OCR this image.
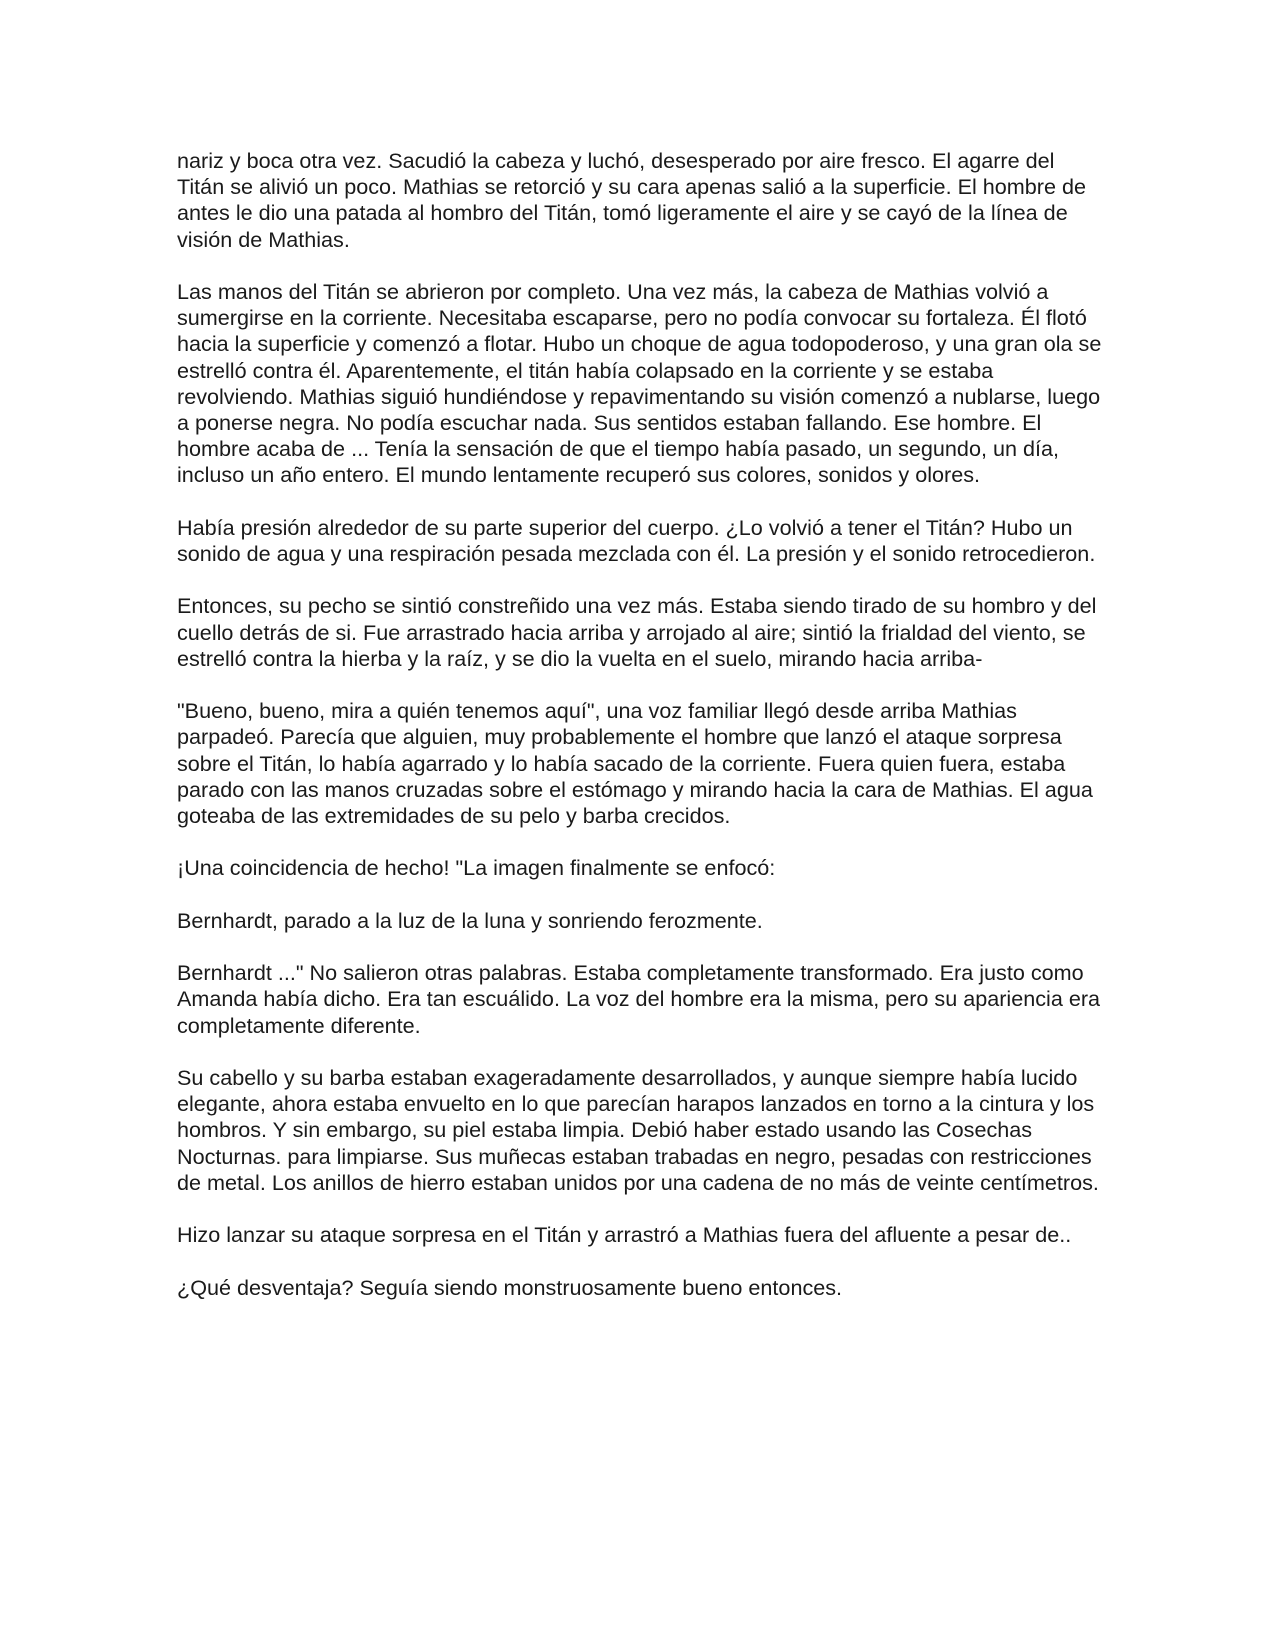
nariz y boca otra vez. Sacudió la cabeza y luchó, desesperado por aire fresco. El agarre del Titán se alivió un poco. Mathias se retorció y su cara apenas salió a la superficie. El hombre de antes le dio una patada al hombro del Titán, tomó ligeramente el aire y se cayó de la línea de visión de Mathias.

Las manos del Titán se abrieron por completo. Una vez más, la cabeza de Mathias volvió a sumergirse en la corriente. Necesitaba escaparse, pero no podía convocar su fortaleza. Él flotó hacia la superficie y comenzó a flotar. Hubo un choque de agua todopoderoso, y una gran ola se estrelló contra él. Aparentemente, el titán había colapsado en la corriente y se estaba revolviendo. Mathias siguió hundiéndose y repavimentando su visión comenzó a nublarse, luego a ponerse negra. No podía escuchar nada. Sus sentidos estaban fallando. Ese hombre. El hombre acaba de ... Tenía la sensación de que el tiempo había pasado, un segundo, un día, incluso un año entero. El mundo lentamente recuperó sus colores, sonidos y olores.

Había presión alrededor de su parte superior del cuerpo. ¿Lo volvió a tener el Titán? Hubo un sonido de agua y una respiración pesada mezclada con él. La presión y el sonido retrocedieron.

Entonces, su pecho se sintió constreñido una vez más. Estaba siendo tirado de su hombro y del cuello detrás de si. Fue arrastrado hacia arriba y arrojado al aire; sintió la frialdad del viento, se estrelló contra la hierba y la raíz, y se dio la vuelta en el suelo, mirando hacia arriba-

"Bueno, bueno, mira a quién tenemos aquí", una voz familiar llegó desde arriba Mathias parpadeó. Parecía que alguien, muy probablemente el hombre que lanzó el ataque sorpresa sobre el Titán, lo había agarrado y lo había sacado de la corriente. Fuera quien fuera, estaba parado con las manos cruzadas sobre el estómago y mirando hacia la cara de Mathias. El agua goteaba de las extremidades de su pelo y barba crecidos.

¡Una coincidencia de hecho! "La imagen finalmente se enfocó:

Bernhardt, parado a la luz de la luna y sonriendo ferozmente.

Bernhardt ..." No salieron otras palabras. Estaba completamente transformado. Era justo como Amanda había dicho. Era tan escuálido. La voz del hombre era la misma, pero su apariencia era completamente diferente.

Su cabello y su barba estaban exageradamente desarrollados, y aunque siempre había lucido elegante, ahora estaba envuelto en lo que parecían harapos lanzados en torno a la cintura y los hombros. Y sin embargo, su piel estaba limpia. Debió haber estado usando las Cosechas Nocturnas. para limpiarse. Sus muñecas estaban trabadas en negro, pesadas con restricciones de metal. Los anillos de hierro estaban unidos por una cadena de no más de veinte centímetros.

Hizo lanzar su ataque sorpresa en el Titán y arrastró a Mathias fuera del afluente a pesar de..

¿Qué desventaja? Seguía siendo monstruosamente bueno entonces.
